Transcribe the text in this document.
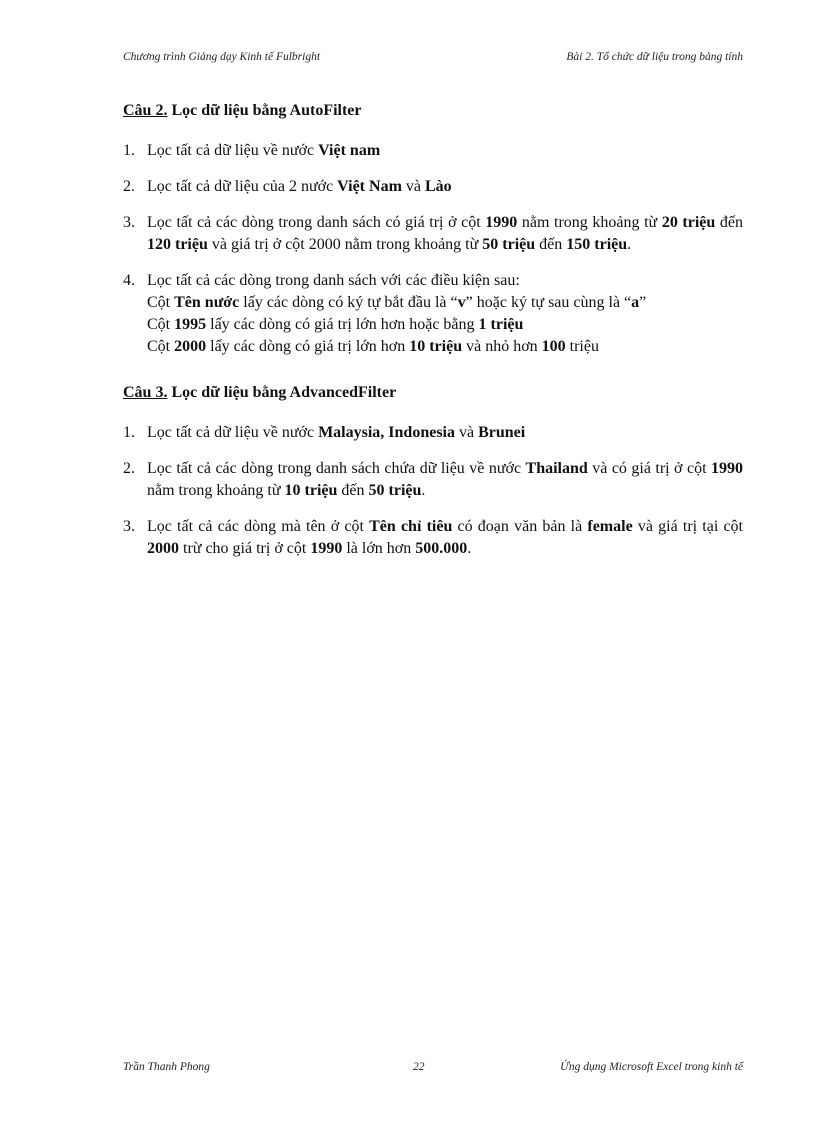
Chương trình Giảng dạy Kinh tế Fulbright	Bài 2. Tổ chức dữ liệu trong bảng tính
Câu 2. Lọc dữ liệu bằng AutoFilter
1. Lọc tất cả dữ liệu về nước Việt nam
2. Lọc tất cả dữ liệu của 2 nước Việt Nam và Lào
3. Lọc tất cả các dòng trong danh sách có giá trị ở cột 1990 nằm trong khoảng từ 20 triệu đến 120 triệu và giá trị ở cột 2000 nằm trong khoảng từ 50 triệu đến 150 triệu.
4. Lọc tất cả các dòng trong danh sách với các điều kiện sau:
Cột Tên nước lấy các dòng có ký tự bắt đầu là “v” hoặc ký tự sau cùng là “a”
Cột 1995 lấy các dòng có giá trị lớn hơn hoặc bằng 1 triệu
Cột 2000 lấy các dòng có giá trị lớn hơn 10 triệu và nhỏ hơn 100 triệu
Câu 3. Lọc dữ liệu bằng AdvancedFilter
1. Lọc tất cả dữ liệu về nước Malaysia, Indonesia và Brunei
2. Lọc tất cả các dòng trong danh sách chứa dữ liệu về nước Thailand và có giá trị ở cột 1990 nằm trong khoảng từ 10 triệu đến 50 triệu.
3. Lọc tất cả các dòng mà tên ở cột Tên chỉ tiêu có đoạn văn bản là female và giá trị tại cột 2000 trừ cho giá trị ở cột 1990 là lớn hơn 500.000.
Trần Thanh Phong	22	Ứng dụng Microsoft Excel trong kinh tế
